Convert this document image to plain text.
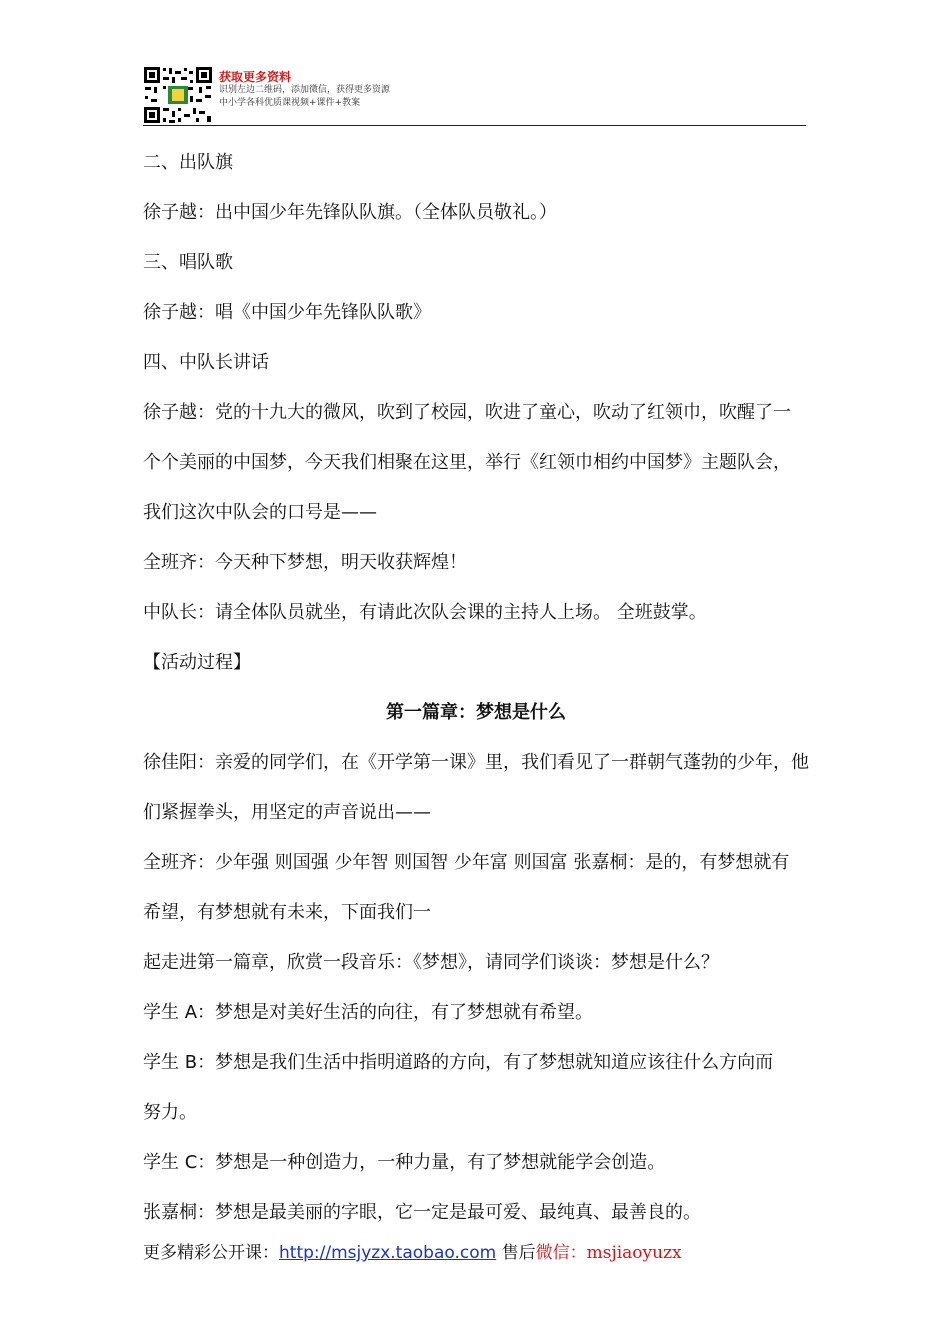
获取更多资料
识别左边二维码，添加微信，获得更多资源
中小学各科优质课视频+课件+教案
二、出队旗
徐子越：出中国少年先锋队队旗。（全体队员敬礼。）
三、唱队歌
徐子越：唱《中国少年先锋队队歌》
四、中队长讲话
徐子越：党的十九大的微风，吹到了校园，吹进了童心，吹动了红领巾，吹醒了一
个个美丽的中国梦，今天我们相聚在这里，举行《红领巾相约中国梦》主题队会，
我们这次中队会的口号是——
全班齐：今天种下梦想，明天收获辉煌！
中队长：请全体队员就坐，有请此次队会课的主持人上场。 全班鼓掌。
【活动过程】
第一篇章：梦想是什么
徐佳阳：亲爱的同学们，在《开学第一课》里，我们看见了一群朝气蓬勃的少年，他
们紧握拳头，用坚定的声音说出——
全班齐：少年强 则国强 少年智 则国智 少年富 则国富 张嘉桐：是的，有梦想就有
希望，有梦想就有未来，下面我们一
起走进第一篇章，欣赏一段音乐：《梦想》，请同学们谈谈：梦想是什么？
学生 A：梦想是对美好生活的向往，有了梦想就有希望。
学生 B：梦想是我们生活中指明道路的方向，有了梦想就知道应该往什么方向而
努力。
学生 C：梦想是一种创造力，一种力量，有了梦想就能学会创造。
张嘉桐：梦想是最美丽的字眼，它一定是最可爱、最纯真、最善良的。
更多精彩公开课：http://msjyzx.taobao.com 售后微信：msjiaoyuzx
